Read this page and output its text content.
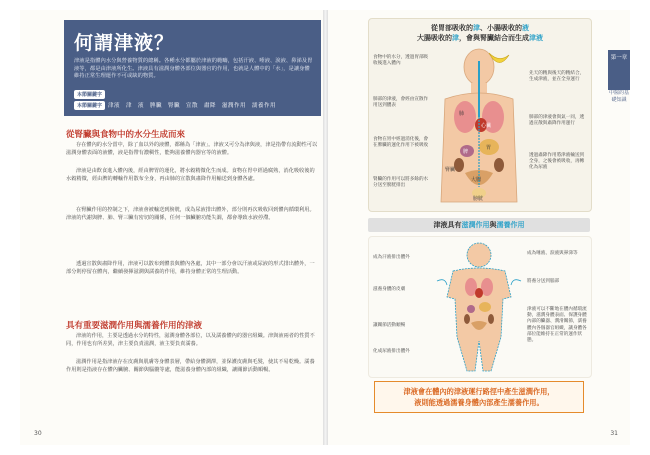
何謂津液？
津液是指體內水分與營養物質的總稱。各種水分都屬於津液的範疇，包括汗液、唾液、淚液、鼻涕及胃液等，都是由津液所化生。津液具有滋潤身體各部位與器官的作用，也就是人體中的「水」，是讓身體維持正常生理運作不可或缺的物質。
本節關鍵字
本節關鍵字	津液　津　液　脾臟　腎臟　宣散　肅降　滋潤作用　濡養作用
從腎臟與食物中的水分生成而來
存在體內的水分當中，除了血以外的液體，都稱為「津液」。津液又可分為津與液，津是指帶有流動性可以滋潤身體表面的液體，液是指帶有濃稠性，能夠滋養體內器官等的液體。
津液是由飲食進入體內後，經由脾胃的運化，將水穀精微化生而成。食物在胃中經過腐熟，消化吸收後的水穀精微，經由脾的轉輸作用散布全身，再由肺的宣散與肅降作用輸送到身體各處。
在腎臟作用的控制之下，津液會被輸送到膀胱，成為尿液排出體外，部分則再次吸收回到體內循環利用。津液的代謝與脾、肺、腎三臟有密切的關係，任何一個臟腑功能失調，都會導致水液停滯。
透過宣散與肅降作用，津液可以散布到體表與體內各處，其中一部分會以汗液或尿液的形式排出體外，一部分則停留在體內，繼續發揮滋潤與濡養的作用，維持身體正常的生理活動。
具有重要滋潤作用與濡養作用的津液
津液的作用，主要是透過水分的特性，滋潤身體各部位，以及濡養體內的器官組織。津與液兩者的性質不同，作用也有所差異，津主要負責滋潤，液主要負責濡養。
滋潤作用是指津液存在皮膚與肌膚等身體表層，帶給身體潤澤，並保護皮膚與毛髮，使其不易乾燥。濡養作用則是指液存在體內臟腑、關節與腦髓等處，能滋養身體內部的組織，讓關節活動順暢。
30
從胃部吸收的津、小腸吸收的液
大腸吸收的津，會與腎臟結合而生成津液
心臟
肺
胃
脾
腎臟
大腸
膀胱
食物中的水分，透過胃部吸收後進入體內
肺部的津液，會經由宣散作用送到體表
食物在胃中經過消化後，會在脾臟的運化作用下被吸收
腎臟的作用可以將多餘的水分送至膀胱排出
先天的精與後天的精結合，生成津液，並在全身運行
肺部的津液會與氣一同，透過宣散與肅降作用運行
透過肅降作用將津液輸送到全身，之後會被吸收，再轉化為尿液
津液具有滋潤作用與濡養作用
成為汗液排出體外
滋養身體的皮膚
讓關節活動順暢
化成尿液排出體外
成為唾液、淚液與鼻涕等
將養分送到腦部
津液可以不斷地在體內循環流動，滋潤身體表面、保護身體內部的臟器、潤滑關節，濡養體內各個器官組織，讓身體各部位能維持在正常的運作狀態。
津液會在體內的津液運行路徑中產生滋潤作用，
液則能透過濡養身體內部產生濡養作用。
第一章
中醫的基礎知識
31
